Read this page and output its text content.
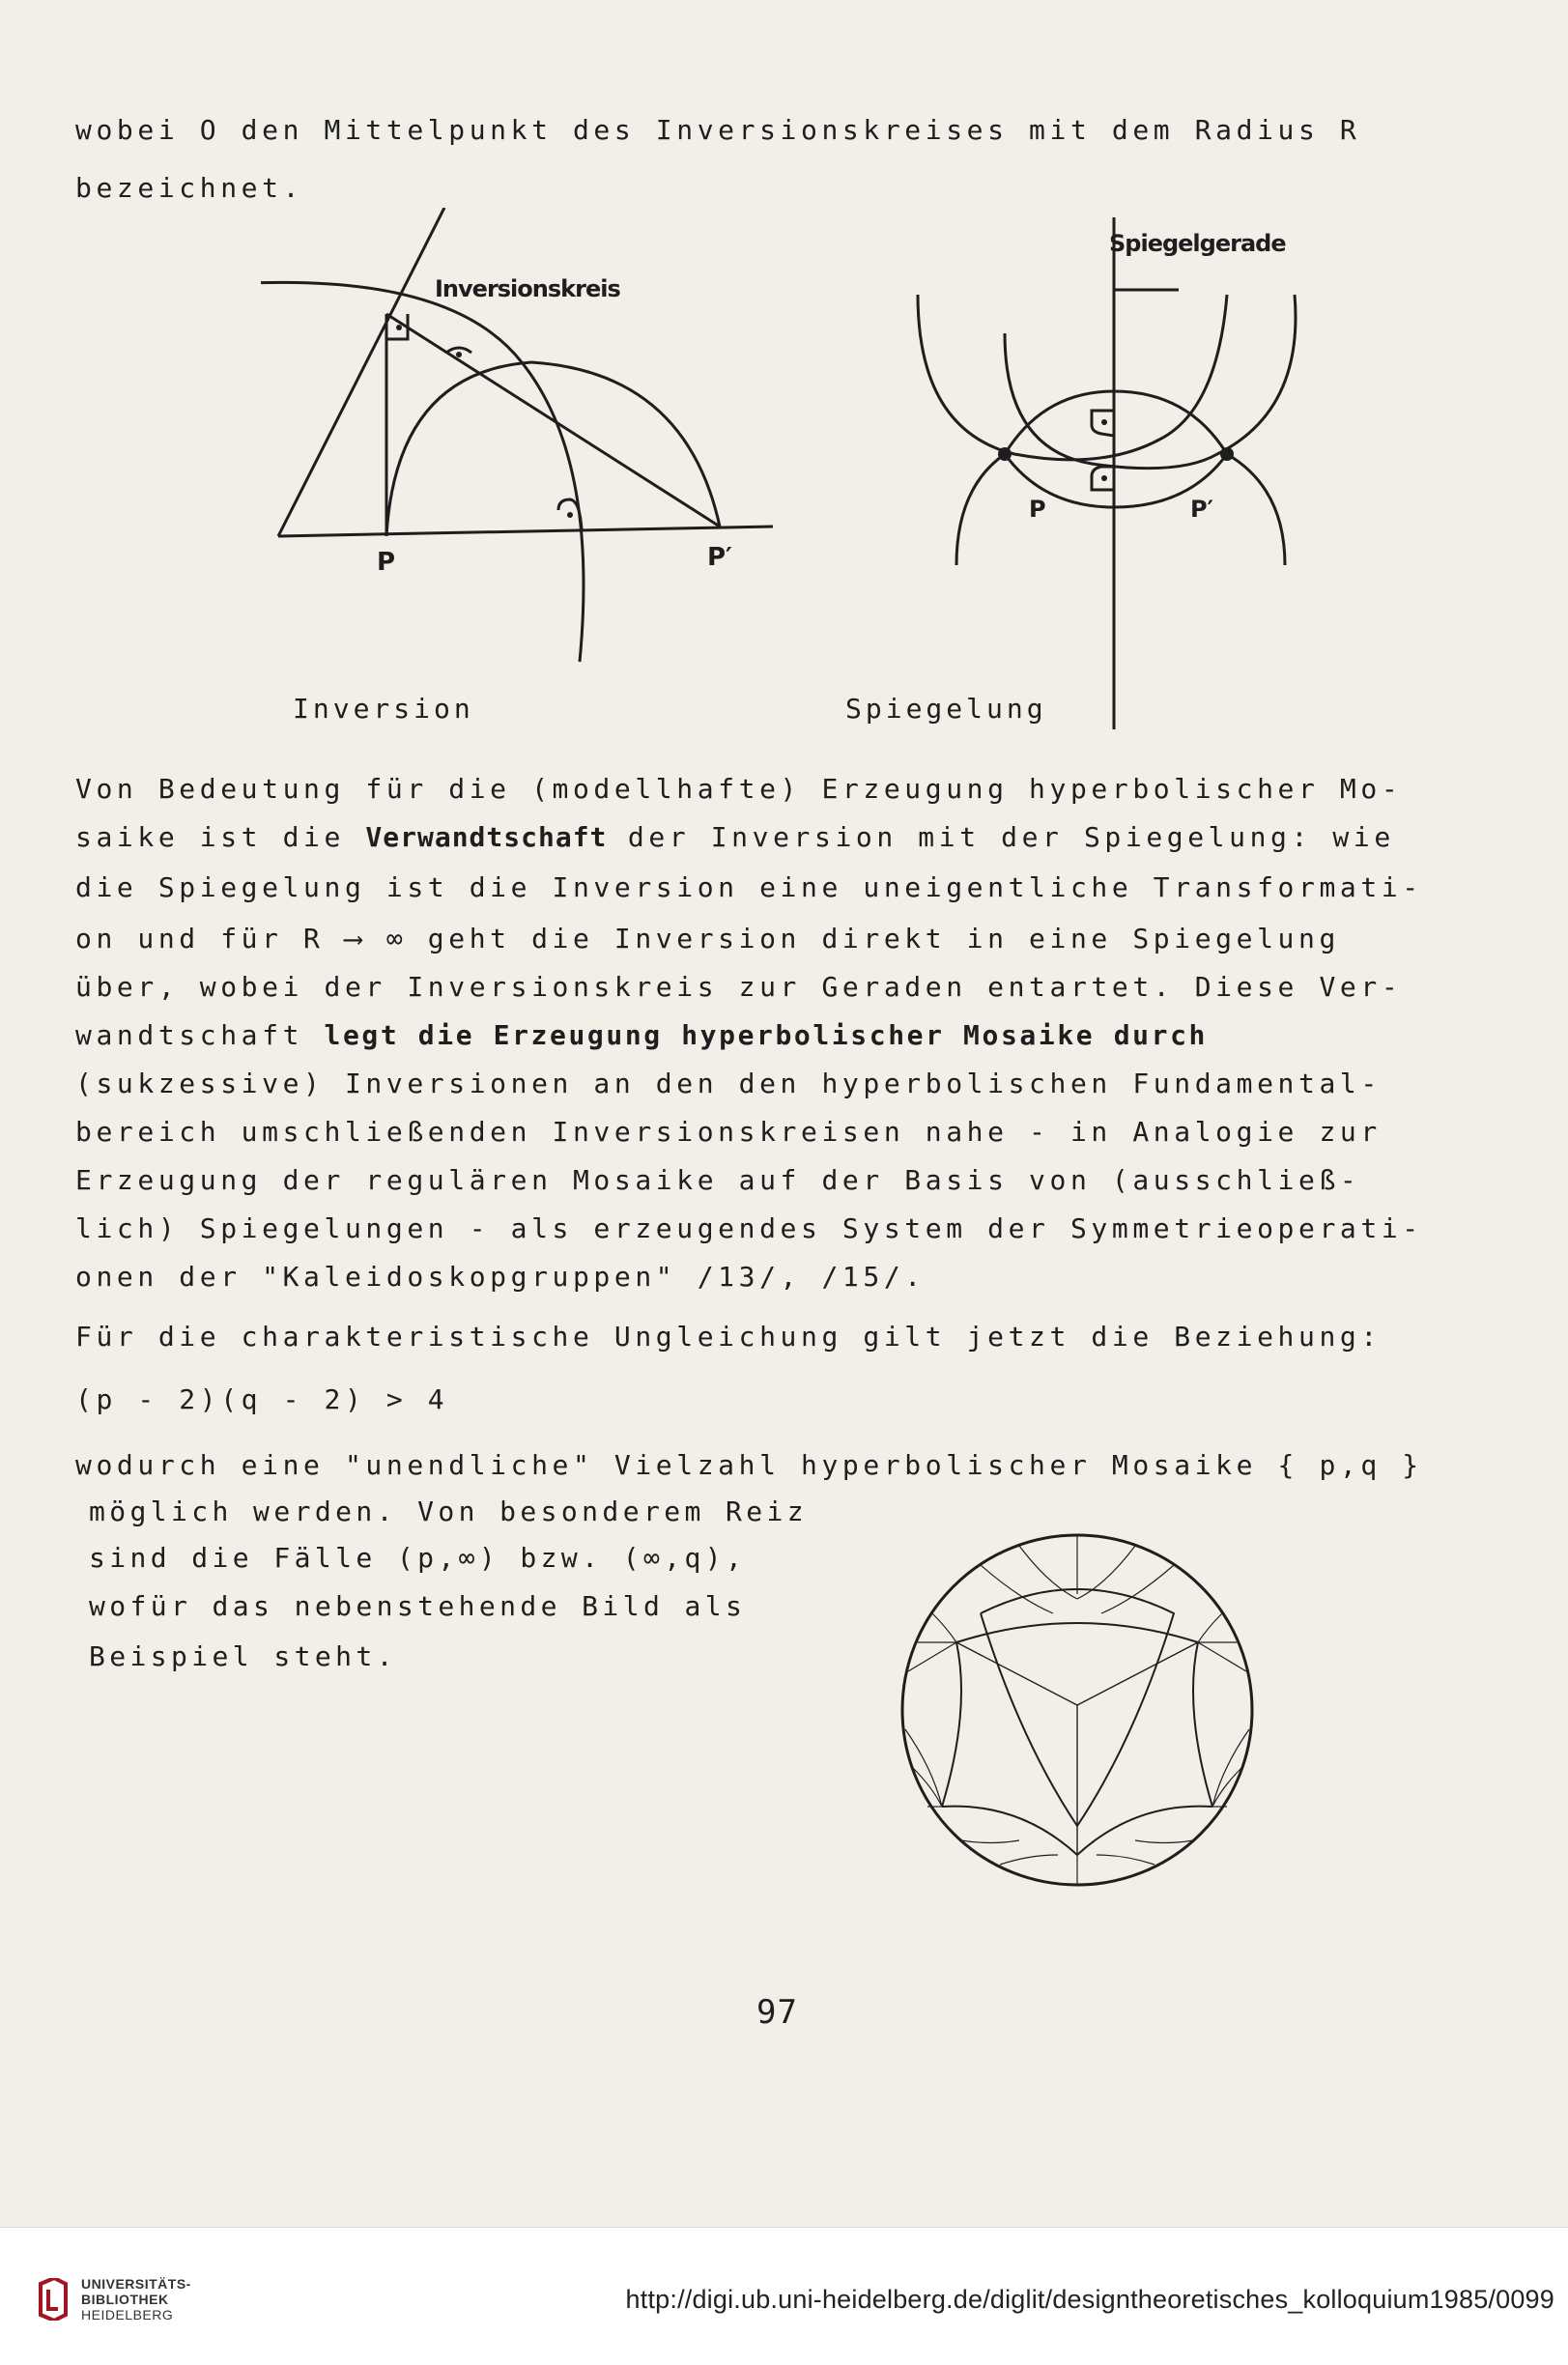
wobei O den Mittelpunkt des Inversionskreises mit dem Radius R
bezeichnet.
Inversionskreis
P	P′
Inversion
Spiegelgerade
P	P′
Spiegelung
Von Bedeutung für die (modellhafte) Erzeugung hyperbolischer Mo-
saike ist die Verwandtschaft der Inversion mit der Spiegelung: wie
die Spiegelung ist die Inversion eine uneigentliche Transformati-
on und für R ⟶ ∞ geht die Inversion direkt in eine Spiegelung
über, wobei der Inversionskreis zur Geraden entartet. Diese Ver-
wandtschaft legt die Erzeugung hyperbolischer Mosaike durch
(sukzessive) Inversionen an den den hyperbolischen Fundamental-
bereich umschließenden Inversionskreisen nahe - in Analogie zur
Erzeugung der regulären Mosaike auf der Basis von (ausschließ-
lich) Spiegelungen - als erzeugendes System der Symmetrieoperati-
onen der "Kaleidoskopgruppen" /13/, /15/.
Für die charakteristische Ungleichung gilt jetzt die Beziehung:
(p - 2)(q - 2) > 4
wodurch eine "unendliche" Vielzahl hyperbolischer Mosaike { p,q }
möglich werden. Von besonderem Reiz
sind die Fälle (p,∞) bzw. (∞,q),
wofür das nebenstehende Bild als
Beispiel steht.
97
UNIVERSITÄTS-
BIBLIOTHEK
HEIDELBERG
http://digi.ub.uni-heidelberg.de/diglit/designtheoretisches_kolloquium1985/0099
